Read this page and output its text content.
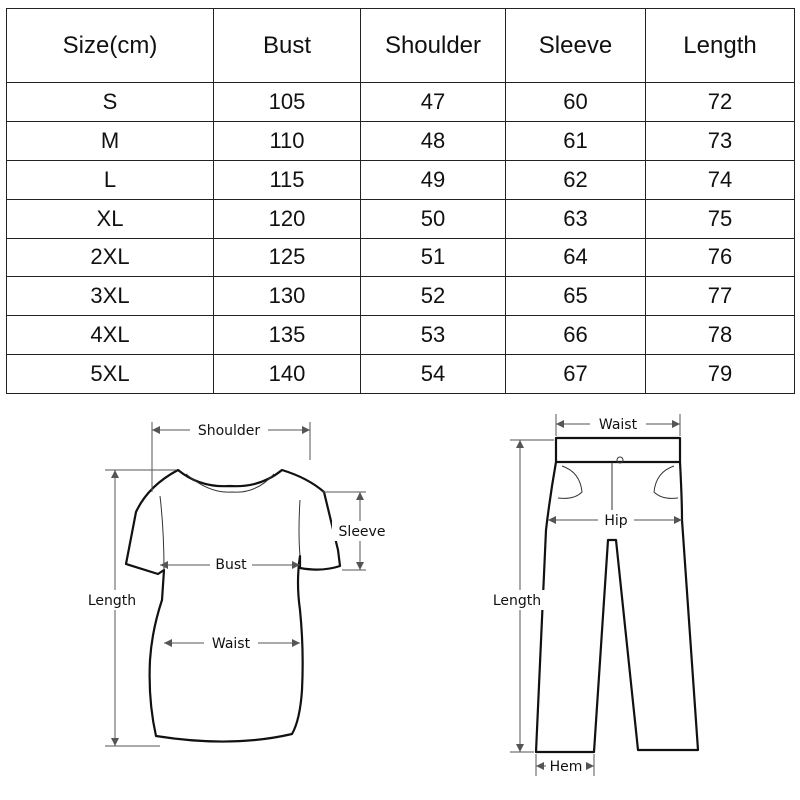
Size(cm)	Bust	Shoulder	Sleeve	Length
S	105	47	60	72
M	110	48	61	73
L	115	49	62	74
XL	120	50	63	75
2XL	125	51	64	76
3XL	130	52	65	77
4XL	135	53	66	78
5XL	140	54	67	79
Shoulder
Sleeve
Bust
Waist
Length
Waist
Hip
Length
Hem
